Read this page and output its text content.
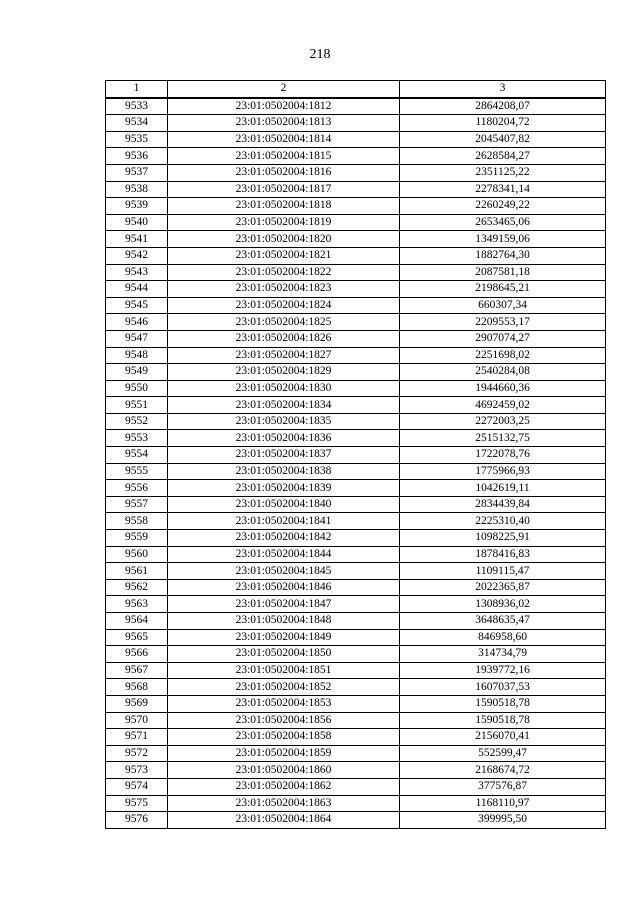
218
1	2	3
9533	23:01:0502004:1812	2864208,07
9534	23:01:0502004:1813	1180204,72
9535	23:01:0502004:1814	2045407,82
9536	23:01:0502004:1815	2628584,27
9537	23:01:0502004:1816	2351125,22
9538	23:01:0502004:1817	2278341,14
9539	23:01:0502004:1818	2260249,22
9540	23:01:0502004:1819	2653465,06
9541	23:01:0502004:1820	1349159,06
9542	23:01:0502004:1821	1882764,30
9543	23:01:0502004:1822	2087581,18
9544	23:01:0502004:1823	2198645,21
9545	23:01:0502004:1824	660307,34
9546	23:01:0502004:1825	2209553,17
9547	23:01:0502004:1826	2907074,27
9548	23:01:0502004:1827	2251698,02
9549	23:01:0502004:1829	2540284,08
9550	23:01:0502004:1830	1944660,36
9551	23:01:0502004:1834	4692459,02
9552	23:01:0502004:1835	2272003,25
9553	23:01:0502004:1836	2515132,75
9554	23:01:0502004:1837	1722078,76
9555	23:01:0502004:1838	1775966,93
9556	23:01:0502004:1839	1042619,11
9557	23:01:0502004:1840	2834439,84
9558	23:01:0502004:1841	2225310,40
9559	23:01:0502004:1842	1098225,91
9560	23:01:0502004:1844	1878416,83
9561	23:01:0502004:1845	1109115,47
9562	23:01:0502004:1846	2022365,87
9563	23:01:0502004:1847	1308936,02
9564	23:01:0502004:1848	3648635,47
9565	23:01:0502004:1849	846958,60
9566	23:01:0502004:1850	314734,79
9567	23:01:0502004:1851	1939772,16
9568	23:01:0502004:1852	1607037,53
9569	23:01:0502004:1853	1590518,78
9570	23:01:0502004:1856	1590518,78
9571	23:01:0502004:1858	2156070,41
9572	23:01:0502004:1859	552599,47
9573	23:01:0502004:1860	2168674,72
9574	23:01:0502004:1862	377576,87
9575	23:01:0502004:1863	1168110,97
9576	23:01:0502004:1864	399995,50
